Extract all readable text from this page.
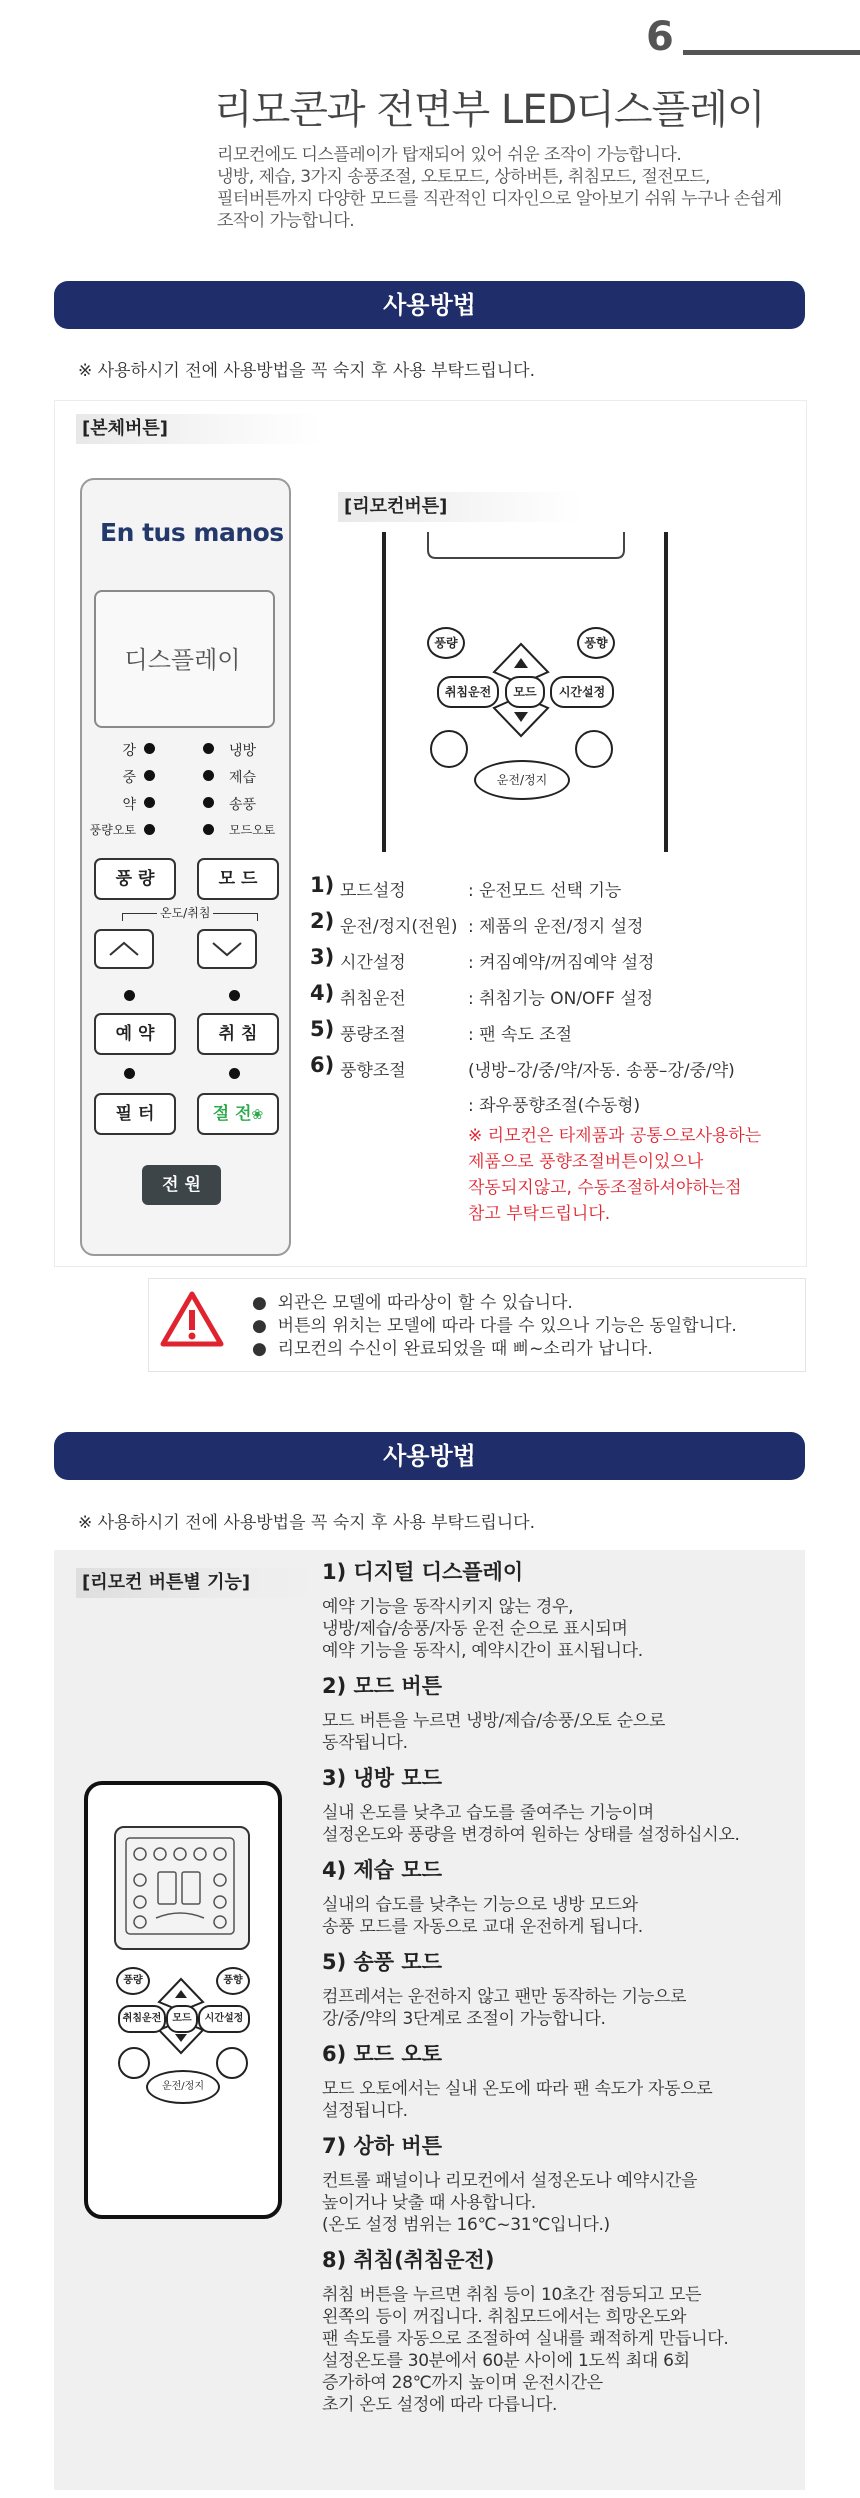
6
리모콘과 전면부 LED디스플레이
리모컨에도 디스플레이가 탑재되어 있어 쉬운 조작이 가능합니다.
냉방, 제습, 3가지 송풍조절, 오토모드, 상하버튼, 취침모드, 절전모드,
필터버튼까지 다양한 모드를 직관적인 디자인으로 알아보기 쉬워 누구나 손쉽게
조작이 가능합니다.
사용방법
※ 사용하시기 전에 사용방법을 꼭 숙지 후 사용 부탁드립니다.
[본체버튼]
En tus manos
디스플레이
강	냉방
중	제습
약	송풍
풍량오토	모드오토
풍 량	모 드
온도/취침
예 약	취 침
필 터	절 전❀
전 원
[리모컨버튼]
풍량	풍향
취침운전	모드	시간설정
운전/정지
1) 모드설정	: 운전모드 선택 기능
2) 운전/정지(전원) : 제품의 운전/정지 설정
3) 시간설정	: 켜짐예약/꺼짐예약 설정
4) 취침운전	: 취침기능 ON/OFF 설정
5) 풍량조절	: 팬 속도 조절
6) 풍향조절	(냉방–강/중/약/자동. 송풍–강/중/약)
: 좌우풍향조절(수동형)
※ 리모컨은 타제품과 공통으로사용하는
제품으로 풍향조절버튼이있으나
작동되지않고, 수동조절하셔야하는점
참고 부탁드립니다.
●  외관은 모델에 따라상이 할 수 있습니다.
●  버튼의 위치는 모델에 따라 다를 수 있으나 기능은 동일합니다.
●  리모컨의 수신이 완료되었을 때 삐~소리가 납니다.
사용방법
※ 사용하시기 전에 사용방법을 꼭 숙지 후 사용 부탁드립니다.
[리모컨 버튼별 기능]
풍량	풍향
취침운전	모드	시간설정
운전/정지
1) 디지털 디스플레이
예약 기능을 동작시키지 않는 경우,
냉방/제습/송풍/자동 운전 순으로 표시되며
예약 기능을 동작시, 예약시간이 표시됩니다.
2) 모드 버튼
모드 버튼을 누르면 냉방/제습/송풍/오토 순으로
동작됩니다.
3) 냉방 모드
실내 온도를 낮추고 습도를 줄여주는 기능이며
설정온도와 풍량을 변경하여 원하는 상태를 설정하십시오.
4) 제습 모드
실내의 습도를 낮추는 기능으로 냉방 모드와
송풍 모드를 자동으로 교대 운전하게 됩니다.
5) 송풍 모드
컴프레셔는 운전하지 않고 팬만 동작하는 기능으로
강/중/약의 3단계로 조절이 가능합니다.
6) 모드 오토
모드 오토에서는 실내 온도에 따라 팬 속도가 자동으로
설정됩니다.
7) 상하 버튼
컨트롤 패널이나 리모컨에서 설정온도나 예약시간을
높이거나 낮출 때 사용합니다.
(온도 설정 범위는 16℃~31℃입니다.)
8) 취침(취침운전)
취침 버튼을 누르면 취침 등이 10초간 점등되고 모든
왼쪽의 등이 꺼집니다. 취침모드에서는 희망온도와
팬 속도를 자동으로 조절하여 실내를 쾌적하게 만듭니다.
설정온도를 30분에서 60분 사이에 1도씩 최대 6회
증가하여 28℃까지 높이며 운전시간은
초기 온도 설정에 따라 다릅니다.
